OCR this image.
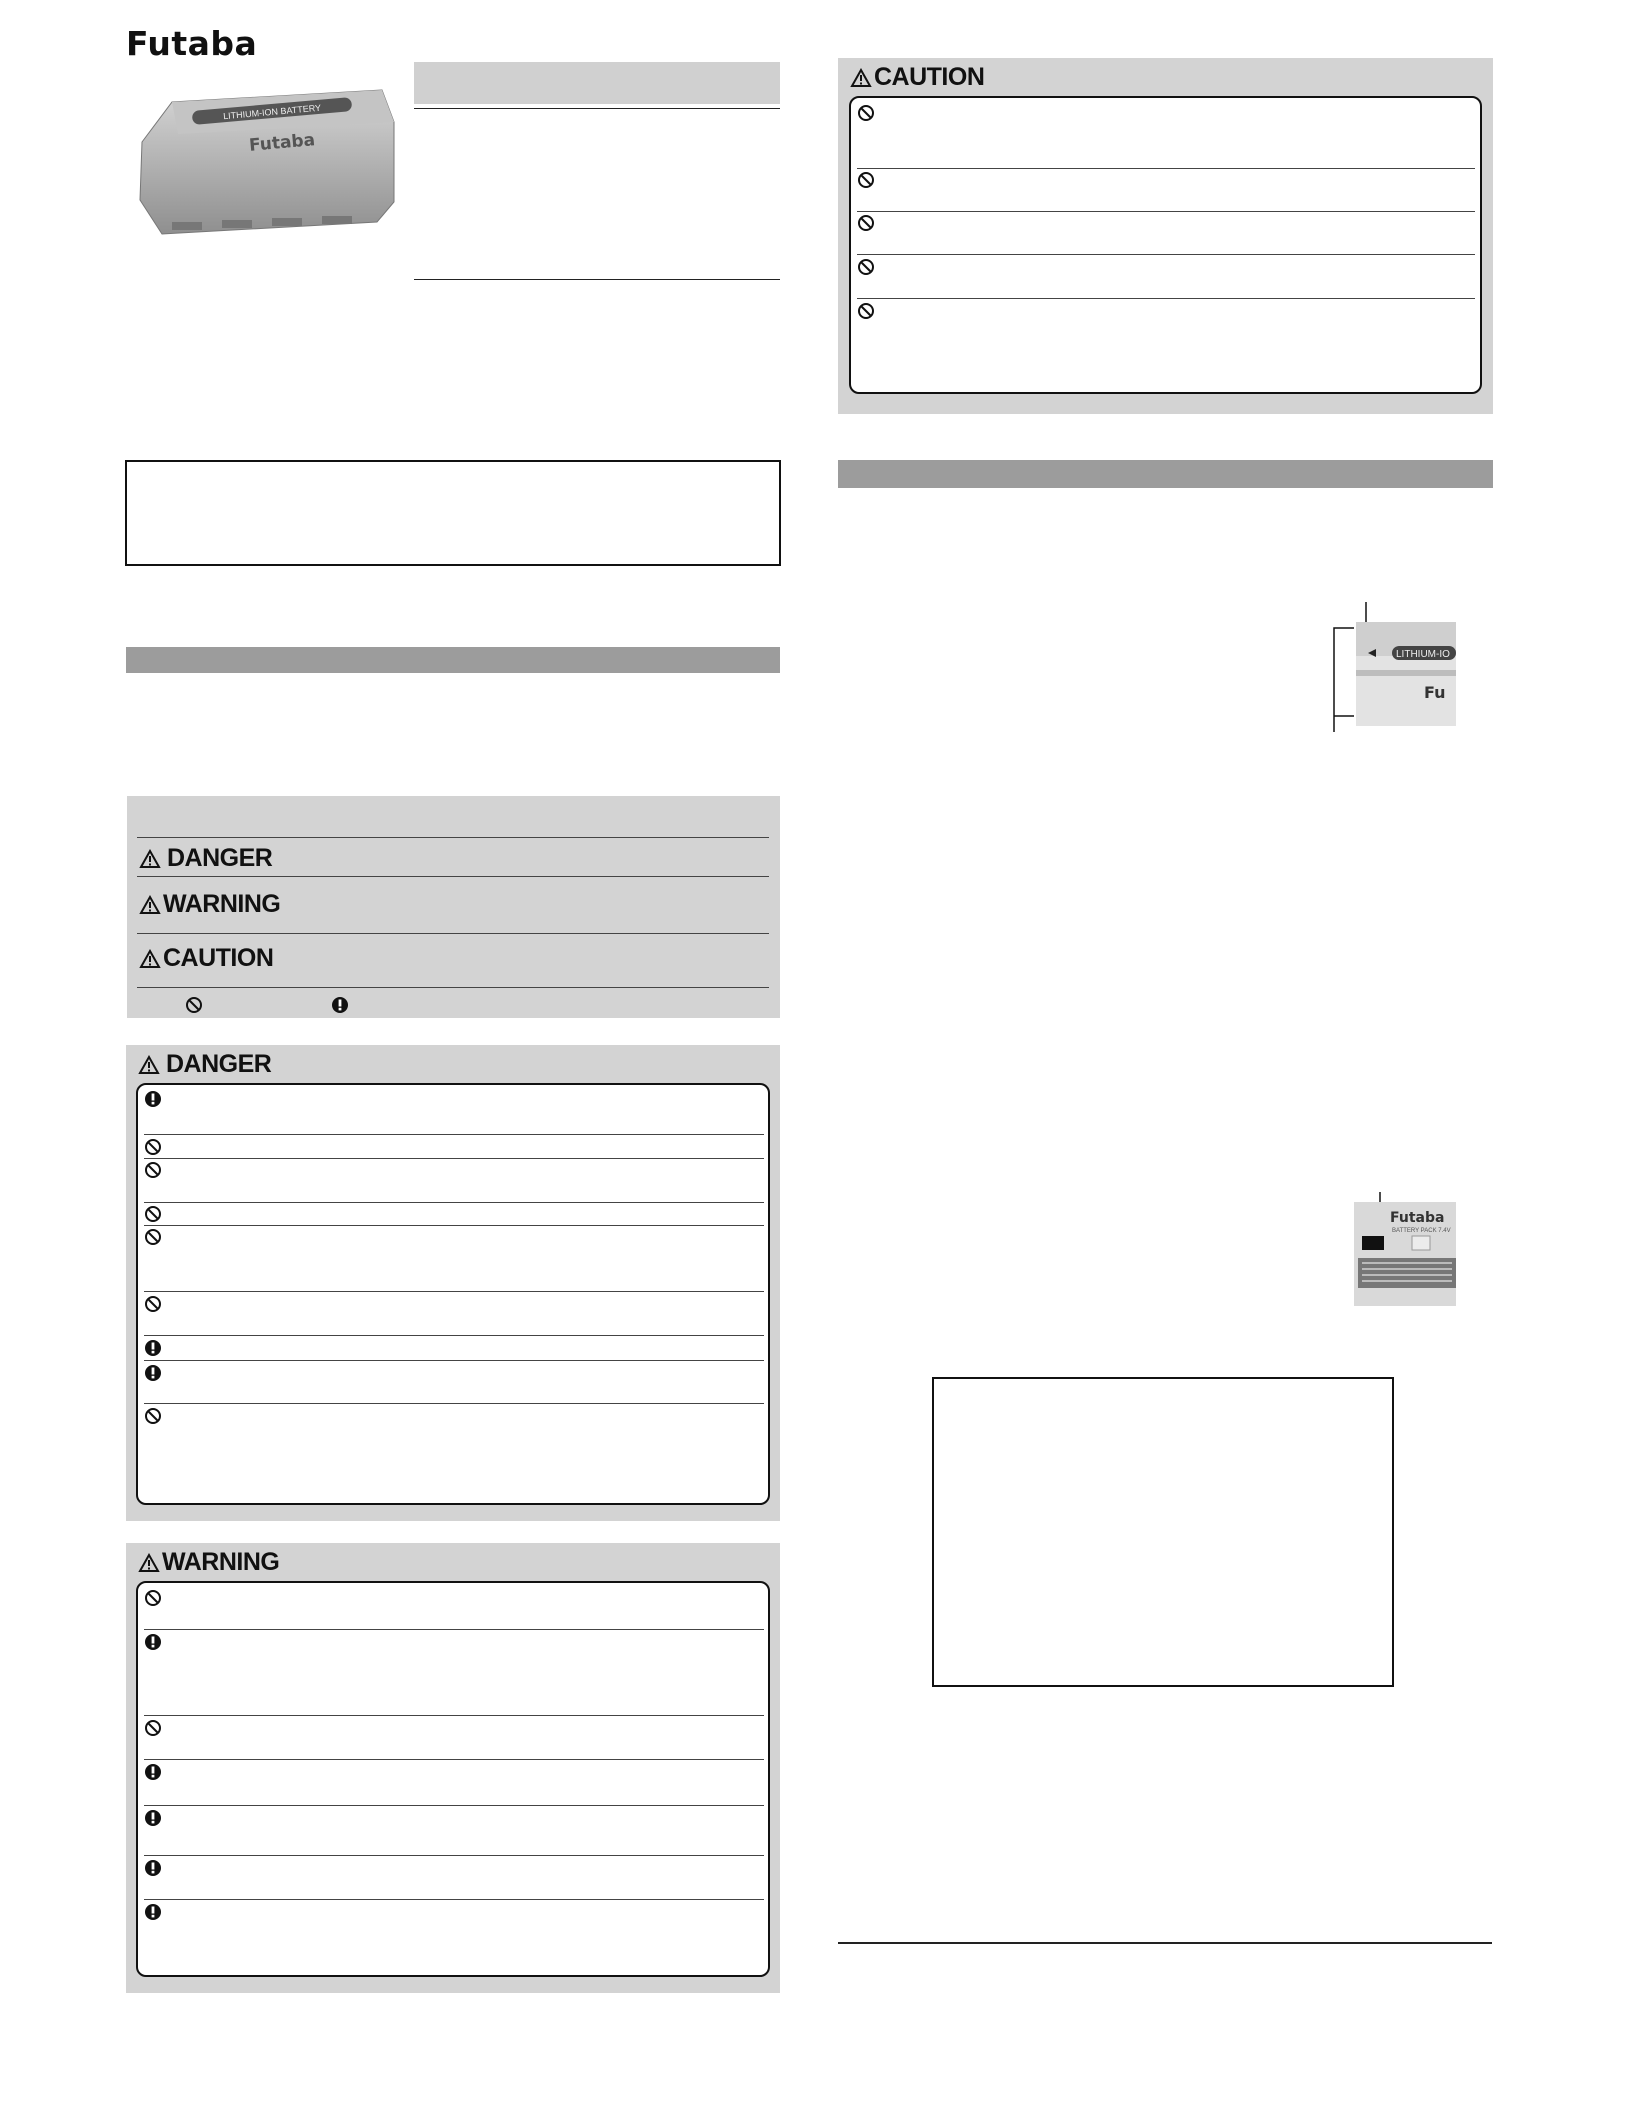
Futaba
LITHIUM-ION BATTERY
Futaba
DANGER
WARNING
CAUTION
DANGER
WARNING
CAUTION
LITHIUM-IO
Fu
Futaba
BATTERY PACK 7.4V
